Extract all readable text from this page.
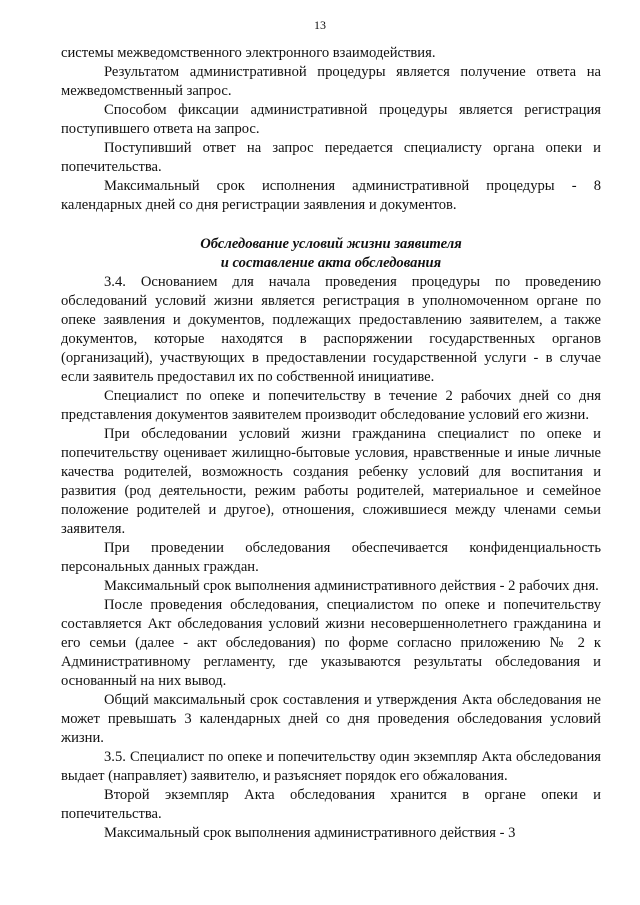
13

системы межведомственного электронного взаимодействия.

Результатом административной процедуры является получение ответа на межведомственный запрос.

Способом фиксации административной процедуры является регистрация поступившего ответа на запрос.

Поступивший ответ на запрос передается специалисту органа опеки и попечительства.

Максимальный срок исполнения административной процедуры - 8 календарных дней со дня регистрации заявления и документов.

Обследование условий жизни заявителя
и составление акта обследования

3.4. Основанием для начала проведения процедуры по проведению обследований условий жизни является регистрация в уполномоченном органе по опеке заявления и документов, подлежащих предоставлению заявителем, а также документов, которые находятся в распоряжении государственных органов (организаций), участвующих в предоставлении государственной услуги - в случае если заявитель предоставил их по собственной инициативе.

Специалист по опеке и попечительству в течение 2 рабочих дней со дня представления документов заявителем производит обследование условий его жизни.

При обследовании условий жизни гражданина специалист по опеке и попечительству оценивает жилищно-бытовые условия, нравственные и иные личные качества родителей, возможность создания ребенку условий для воспитания и развития (род деятельности, режим работы родителей, материальное и семейное положение родителей и другое), отношения, сложившиеся между членами семьи заявителя.

При проведении обследования обеспечивается конфиденциальность персональных данных граждан.

Максимальный срок выполнения административного действия - 2 рабочих дня.

После проведения обследования, специалистом по опеке и попечительству составляется Акт обследования условий жизни несовершеннолетнего гражданина и его семьи (далее - акт обследования) по форме согласно приложению № 2 к Административному регламенту, где указываются результаты обследования и основанный на них вывод.

Общий максимальный срок составления и утверждения Акта обследования не может превышать 3 календарных дней со дня проведения обследования условий жизни.

3.5. Специалист по опеке и попечительству один экземпляр Акта обследования выдает (направляет) заявителю, и разъясняет порядок его обжалования.

Второй экземпляр Акта обследования хранится в органе опеки и попечительства.

Максимальный срок выполнения административного действия - 3
